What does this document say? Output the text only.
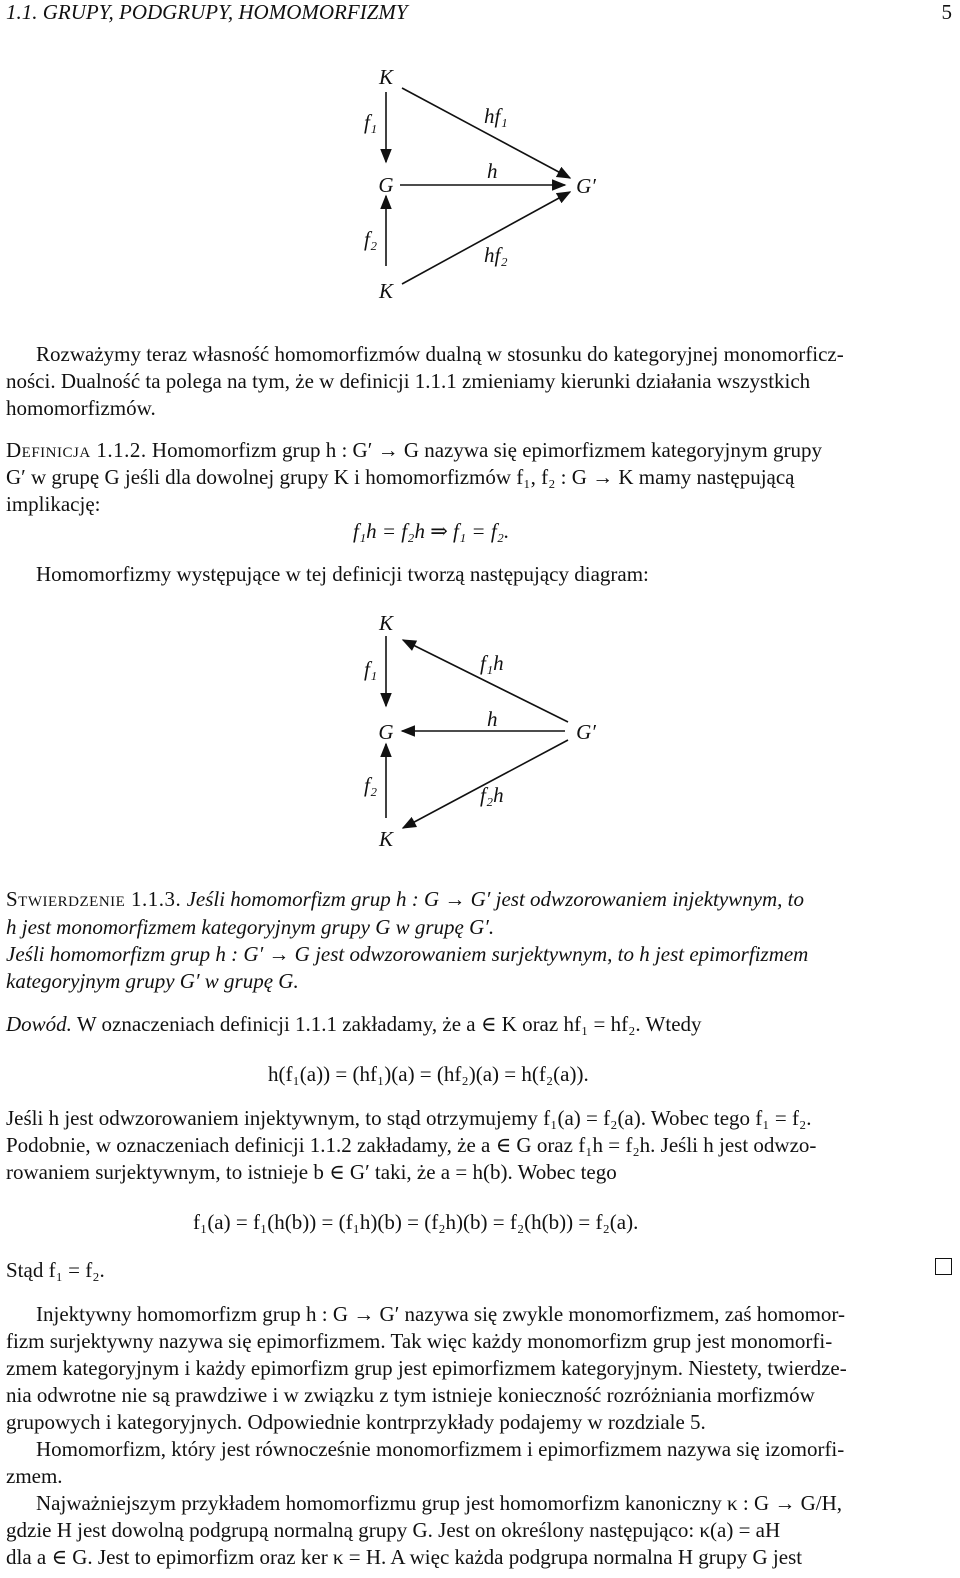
1.1. GRUPY, PODGRUPY, HOMOMORFIZMY	5
K
G
K
G′
f₁
f₂
hf₁
h
hf₂
K
G
K
G′
f₁
f₂
f₁h
h
f₂h
Rozważymy teraz własność homomorfizmów dualną w stosunku do kategoryjnej monomorficz-
ności. Dualność ta polega na tym, że w definicji 1.1.1 zmieniamy kierunki działania wszystkich
homomorfizmów.
Definicja 1.1.2. Homomorfizm grup h : G′ → G nazywa się epimorfizmem kategoryjnym grupy
G′ w grupę G jeśli dla dowolnej grupy K i homomorfizmów f₁, f₂ : G → K mamy następującą
implikację:
f₁h = f₂h ⇒ f₁ = f₂.
Homomorfizmy występujące w tej definicji tworzą następujący diagram:
Stwierdzenie 1.1.3. Jeśli homomorfizm grup h : G → G′ jest odwzorowaniem injektywnym, to
h jest monomorfizmem kategoryjnym grupy G w grupę G′.
Jeśli homomorfizm grup h : G′ → G jest odwzorowaniem surjektywnym, to h jest epimorfizmem
kategoryjnym grupy G′ w grupę G.
Dowód. W oznaczeniach definicji 1.1.1 zakładamy, że a ∈ K oraz hf₁ = hf₂. Wtedy
h(f₁(a)) = (hf₁)(a) = (hf₂)(a) = h(f₂(a)).
Jeśli h jest odwzorowaniem injektywnym, to stąd otrzymujemy f₁(a) = f₂(a). Wobec tego f₁ = f₂.
Podobnie, w oznaczeniach definicji 1.1.2 zakładamy, że a ∈ G oraz f₁h = f₂h. Jeśli h jest odwzo-
rowaniem surjektywnym, to istnieje b ∈ G′ taki, że a = h(b). Wobec tego
f₁(a) = f₁(h(b)) = (f₁h)(b) = (f₂h)(b) = f₂(h(b)) = f₂(a).
Stąd f₁ = f₂.
Injektywny homomorfizm grup h : G → G′ nazywa się zwykle monomorfizmem, zaś homomor-
fizm surjektywny nazywa się epimorfizmem. Tak więc każdy monomorfizm grup jest monomorfi-
zmem kategoryjnym i każdy epimorfizm grup jest epimorfizmem kategoryjnym. Niestety, twierdze-
nia odwrotne nie są prawdziwe i w związku z tym istnieje konieczność rozróżniania morfizmów
grupowych i kategoryjnych. Odpowiednie kontrprzykłady podajemy w rozdziale 5.
Homomorfizm, który jest równocześnie monomorfizmem i epimorfizmem nazywa się izomorfi-
zmem.
Najważniejszym przykładem homomorfizmu grup jest homomorfizm kanoniczny κ : G → G/H,
gdzie H jest dowolną podgrupą normalną grupy G. Jest on określony następująco: κ(a) = aH
dla a ∈ G. Jest to epimorfizm oraz ker κ = H. A więc każda podgrupa normalna H grupy G jest
